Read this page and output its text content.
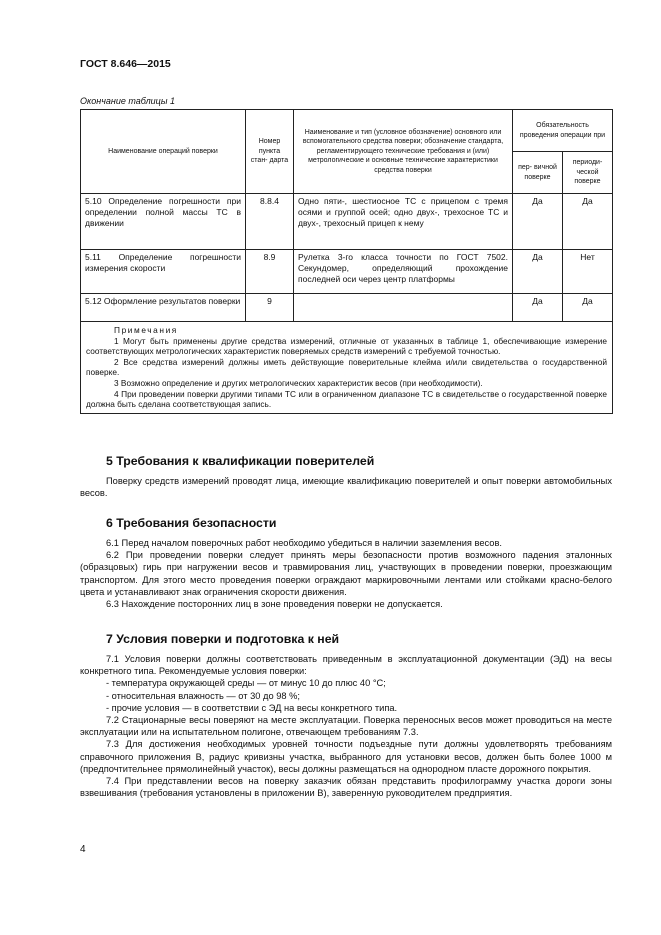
ГОСТ 8.646—2015
Окончание таблицы 1
Наименование операций поверки	Номер пункта стан- дарта	Наименование и тип (условное обозначение) основного или вспомогательного средства поверки; обозначение стандарта, регламентирующего технические требования и (или) метрологические и основные технические характеристики средства поверки	Обязательность проведения операции при	
			пер- вичной поверке	периоди- ческой поверке
5.10 Определение погрешности при определении полной массы ТС в движении	8.8.4	Одно пяти-, шестиосное ТС с прицепом с тремя осями и группой осей; одно двух-, трехосное ТС и двух-, трехосный прицеп к нему	Да	Да
5.11 Определение погрешности измерения скорости	8.9	Рулетка 3-го класса точности по ГОСТ 7502. Секундомер, определяющий прохождение последней оси через центр платформы	Да	Нет
5.12 Оформление результатов поверки	9		Да	Да

Примечания

1 Могут быть применены другие средства измерений, отличные от указанных в таблице 1, обеспечивающие измерение соответствующих метрологических характеристик поверяемых средств измерений с требуемой точностью.

2 Все средства измерений должны иметь действующие поверительные клейма и/или свидетельства о государственной поверке.

3 Возможно определение и других метрологических характеристик весов (при необходимости).

4 При проведении поверки другими типами ТС или в ограниченном диапазоне ТС в свидетельстве о государственной поверке должна быть сделана соответствующая запись.				

5 Требования к квалификации поверителей

Поверку средств измерений проводят лица, имеющие квалификацию поверителей и опыт поверки автомобильных весов.

6 Требования безопасности

6.1 Перед началом поверочных работ необходимо убедиться в наличии заземления весов.

6.2 При проведении поверки следует принять меры безопасности против возможного падения эталонных (образцовых) гирь при нагружении весов и травмирования лиц, участвующих в проведении поверки, проезжающим транспортом. Для этого место проведения поверки ограждают маркировочными лентами или стойками красно-белого цвета и устанавливают знак ограничения скорости движения.

6.3 Нахождение посторонних лиц в зоне проведения поверки не допускается.

7 Условия поверки и подготовка к ней

7.1 Условия поверки должны соответствовать приведенным в эксплуатационной документации (ЭД) на весы конкретного типа. Рекомендуемые условия поверки:

- температура окружающей среды — от минус 10 до плюс 40 °С;

- относительная влажность — от 30 до 98 %;

- прочие условия — в соответствии с ЭД на весы конкретного типа.

7.2 Стационарные весы поверяют на месте эксплуатации. Поверка переносных весов может проводиться на месте эксплуатации или на испытательном полигоне, отвечающем требованиям 7.3.

7.3 Для достижения необходимых уровней точности подъездные пути должны удовлетворять требованиям справочного приложения В, радиус кривизны участка, выбранного для установки весов, должен быть более 1000 м (предпочтительнее прямолинейный участок), весы должны размещаться на однородном пласте дорожного покрытия.

7.4 При представлении весов на поверку заказчик обязан представить профилограмму участка дороги зоны взвешивания (требования установлены в приложении В), заверенную руководителем предприятия.

4
